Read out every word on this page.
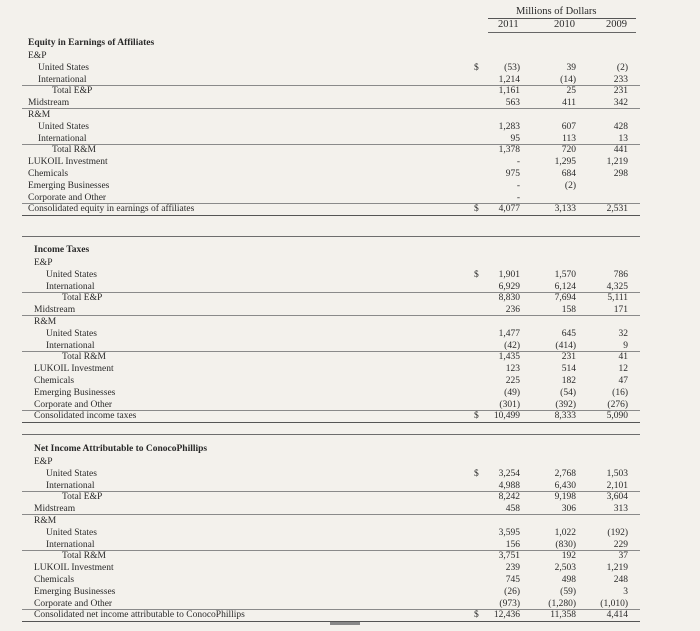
Millions of Dollars
2011	2010	2009
Equity in Earnings of Affiliates
E&P
United States	$	(53)	39	(2)
International	1,214	(14)	233
Total E&P	1,161	25	231
Midstream	563	411	342
R&M
United States	1,283	607	428
International	95	113	13
Total R&M	1,378	720	441
LUKOIL Investment	-	1,295	1,219
Chemicals	975	684	298
Emerging Businesses	-	(2)
Corporate and Other	-
Consolidated equity in earnings of affiliates	$	4,077	3,133	2,531
Income Taxes
E&P
United States	$	1,901	1,570	786
International	6,929	6,124	4,325
Total E&P	8,830	7,694	5,111
Midstream	236	158	171
R&M
United States	1,477	645	32
International	(42)	(414)	9
Total R&M	1,435	231	41
LUKOIL Investment	123	514	12
Chemicals	225	182	47
Emerging Businesses	(49)	(54)	(16)
Corporate and Other	(301)	(392)	(276)
Consolidated income taxes	$	10,499	8,333	5,090
Net Income Attributable to ConocoPhillips
E&P
United States	$	3,254	2,768	1,503
International	4,988	6,430	2,101
Total E&P	8,242	9,198	3,604
Midstream	458	306	313
R&M
United States	3,595	1,022	(192)
International	156	(830)	229
Total R&M	3,751	192	37
LUKOIL Investment	239	2,503	1,219
Chemicals	745	498	248
Emerging Businesses	(26)	(59)	3
Corporate and Other	(973)	(1,280)	(1,010)
Consolidated net income attributable to ConocoPhillips	$	12,436	11,358	4,414
